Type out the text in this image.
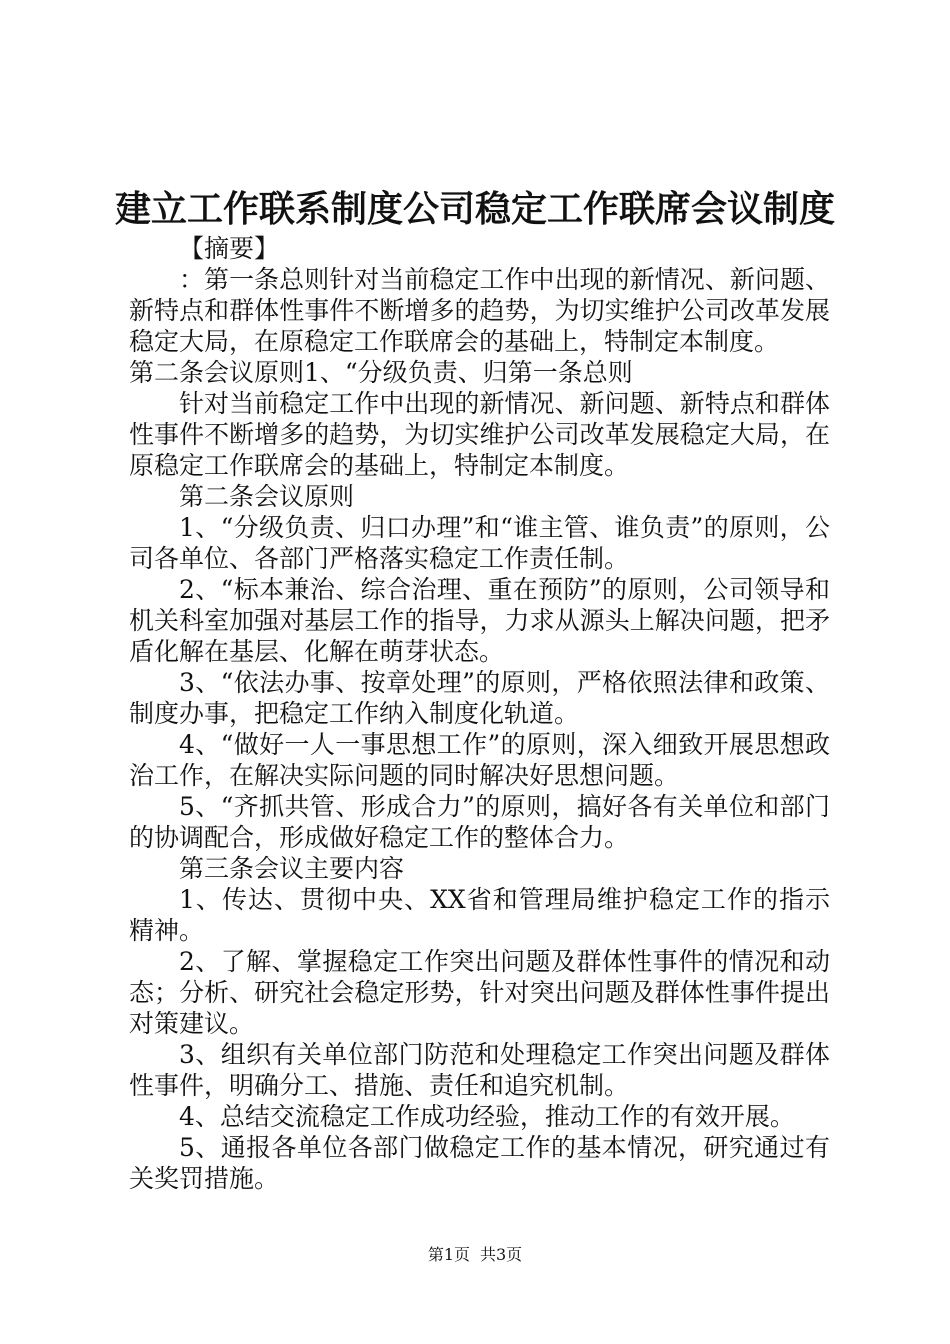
建立工作联系制度公司稳定工作联席会议制度

【摘要】

：第一条总则针对当前稳定工作中出现的新情况、新问题、新特点和群体性事件不断增多的趋势，为切实维护公司改革发展稳定大局，在原稳定工作联席会的基础上，特制定本制度。

第二条会议原则1、“分级负责、归第一条总则

针对当前稳定工作中出现的新情况、新问题、新特点和群体性事件不断增多的趋势，为切实维护公司改革发展稳定大局，在原稳定工作联席会的基础上，特制定本制度。

第二条会议原则

1、“分级负责、归口办理”和“谁主管、谁负责”的原则，公司各单位、各部门严格落实稳定工作责任制。

2、“标本兼治、综合治理、重在预防”的原则，公司领导和机关科室加强对基层工作的指导，力求从源头上解决问题，把矛盾化解在基层、化解在萌芽状态。

3、“依法办事、按章处理”的原则，严格依照法律和政策、制度办事，把稳定工作纳入制度化轨道。

4、“做好一人一事思想工作”的原则，深入细致开展思想政治工作，在解决实际问题的同时解决好思想问题。

5、“齐抓共管、形成合力”的原则，搞好各有关单位和部门的协调配合，形成做好稳定工作的整体合力。

第三条会议主要内容

1、传达、贯彻中央、XX省和管理局维护稳定工作的指示精神。

2、了解、掌握稳定工作突出问题及群体性事件的情况和动态；分析、研究社会稳定形势，针对突出问题及群体性事件提出对策建议。

3、组织有关单位部门防范和处理稳定工作突出问题及群体性事件，明确分工、措施、责任和追究机制。

4、总结交流稳定工作成功经验，推动工作的有效开展。

5、通报各单位各部门做稳定工作的基本情况，研究通过有关奖罚措施。

第1页 共3页
